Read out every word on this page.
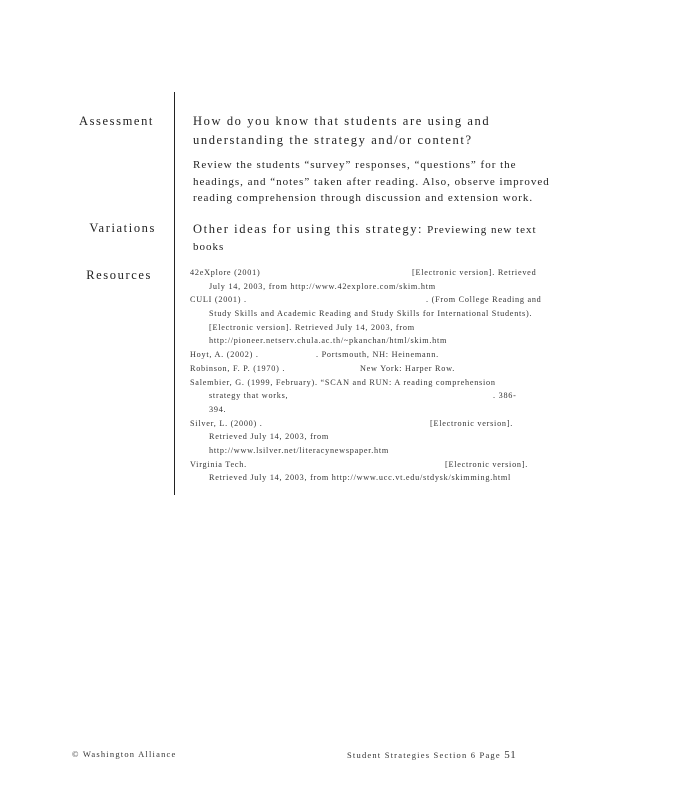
Assessment
Variations
Resources
How do you know that students are using and
understanding the strategy and/or content?
Review the students “survey” responses, “questions” for the
headings, and “notes” taken after reading. Also, observe improved
reading comprehension through discussion and extension work.
Other ideas for using this strategy: Previewing new text
books
42eXplore (2001)	[Electronic version]. Retrieved
July 14, 2003, from http://www.42explore.com/skim.htm
CULI (2001) .	. (From College Reading and
Study Skills and Academic Reading and Study Skills for International Students).
[Electronic version]. Retrieved July 14, 2003, from
http://pioneer.netserv.chula.ac.th/~pkanchan/html/skim.htm
Hoyt, A. (2002) .	. Portsmouth, NH: Heinemann.
Robinson, F. P. (1970) .	New York: Harper Row.
Salembier, G. (1999, February). “SCAN and RUN: A reading comprehension
strategy that works,	. 386-
394.
Silver, L. (2000) .	[Electronic version].
Retrieved July 14, 2003, from
http://www.lsilver.net/literacynewspaper.htm
Virginia Tech.	[Electronic version].
Retrieved July 14, 2003, from http://www.ucc.vt.edu/stdysk/skimming.html
© Washington Alliance	Student Strategies Section 6 Page 51
